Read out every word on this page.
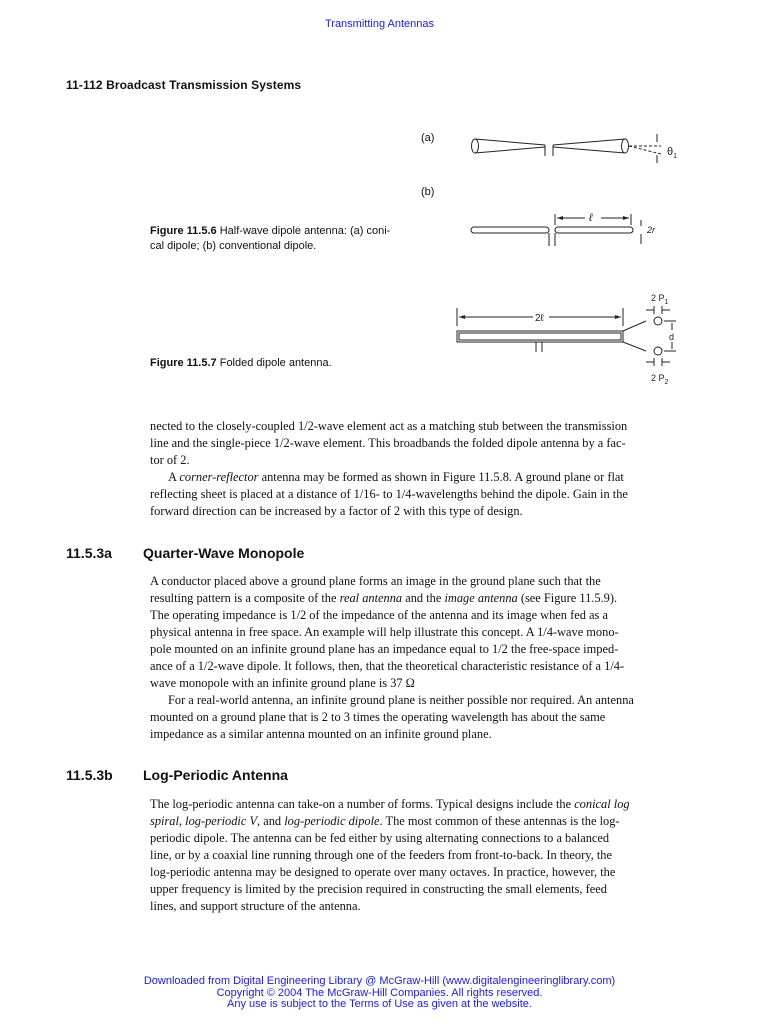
Transmitting Antennas
11-112 Broadcast Transmission Systems
(a)
(b)
$\theta_1$
ℓ
2r
Figure 11.5.6 Half-wave dipole antenna: (a) coni-
cal dipole; (b) conventional dipole.
2 $P_1$
2ℓ
d
2 $P_2$
Figure 11.5.7 Folded dipole antenna.
nected to the closely-coupled 1/2-wave element act as a matching stub between the transmission
line and the single-piece 1/2-wave element. This broadbands the folded dipole antenna by a fac-
tor of 2.
A corner-reflector antenna may be formed as shown in Figure 11.5.8. A ground plane or flat
reflecting sheet is placed at a distance of 1/16- to 1/4-wavelengths behind the dipole. Gain in the
forward direction can be increased by a factor of 2 with this type of design.
11.5.3a Quarter-Wave Monopole
A conductor placed above a ground plane forms an image in the ground plane such that the
resulting pattern is a composite of the real antenna and the image antenna (see Figure 11.5.9).
The operating impedance is 1/2 of the impedance of the antenna and its image when fed as a
physical antenna in free space. An example will help illustrate this concept. A 1/4-wave mono-
pole mounted on an infinite ground plane has an impedance equal to 1/2 the free-space imped-
ance of a 1/2-wave dipole. It follows, then, that the theoretical characteristic resistance of a 1/4-
wave monopole with an infinite ground plane is 37 Ω
For a real-world antenna, an infinite ground plane is neither possible nor required. An antenna
mounted on a ground plane that is 2 to 3 times the operating wavelength has about the same
impedance as a similar antenna mounted on an infinite ground plane.
11.5.3b Log-Periodic Antenna
The log-periodic antenna can take-on a number of forms. Typical designs include the conical log
spiral, log-periodic V, and log-periodic dipole. The most common of these antennas is the log-
periodic dipole. The antenna can be fed either by using alternating connections to a balanced
line, or by a coaxial line running through one of the feeders from front-to-back. In theory, the
log-periodic antenna may be designed to operate over many octaves. In practice, however, the
upper frequency is limited by the precision required in constructing the small elements, feed
lines, and support structure of the antenna.
Downloaded from Digital Engineering Library @ McGraw-Hill (www.digitalengineeringlibrary.com)
Copyright © 2004 The McGraw-Hill Companies. All rights reserved.
Any use is subject to the Terms of Use as given at the website.
